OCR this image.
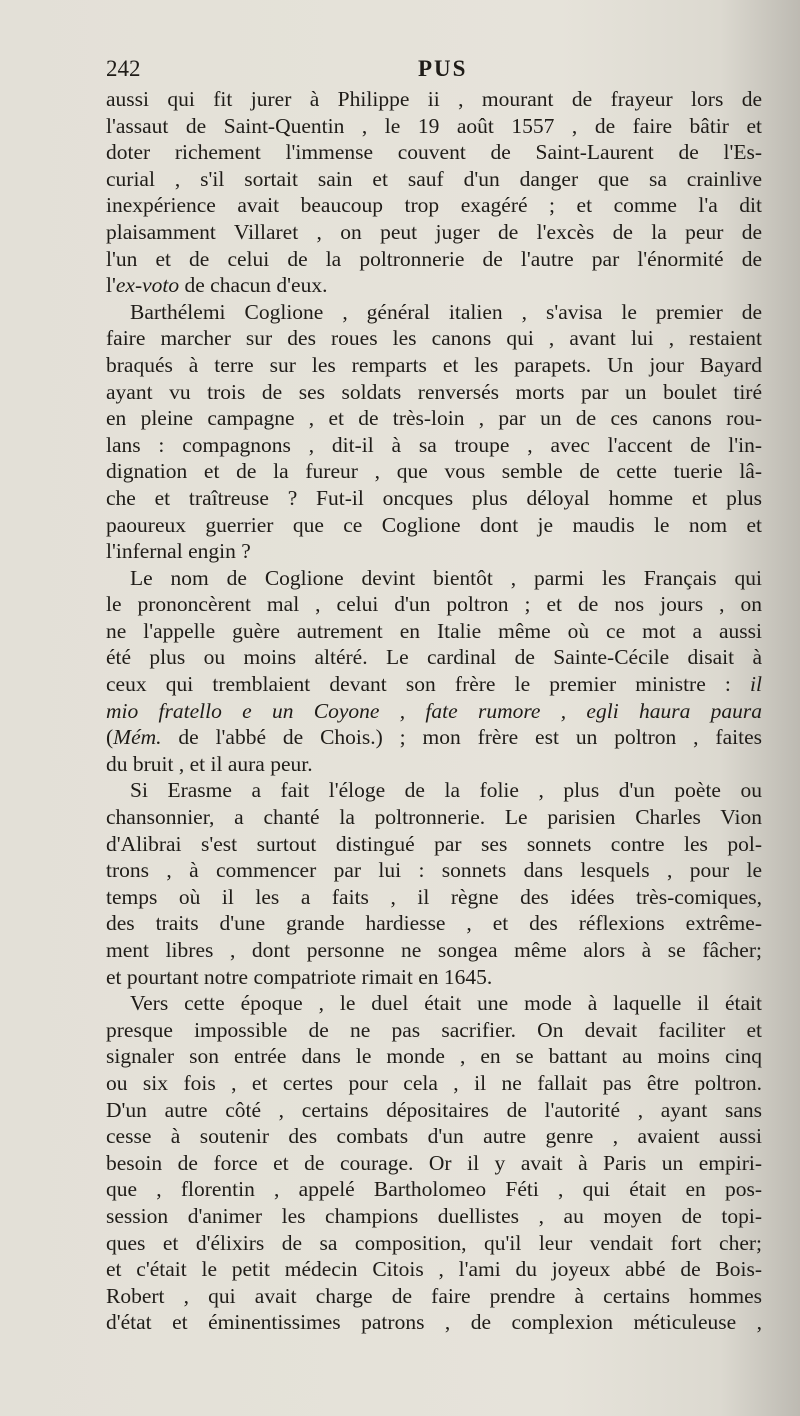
242	PUS
aussi qui fit jurer à Philippe ii , mourant de frayeur lors de
l'assaut de Saint-Quentin , le 19 août 1557 , de faire bâtir et
doter richement l'immense couvent de Saint-Laurent de l'Es-
curial , s'il sortait sain et sauf d'un danger que sa crainlive
inexpérience avait beaucoup trop exagéré ; et comme l'a dit
plaisamment Villaret , on peut juger de l'excès de la peur de
l'un et de celui de la poltronnerie de l'autre par l'énormité de
l'ex-voto de chacun d'eux.
Barthélemi Coglione , général italien , s'avisa le premier de
faire marcher sur des roues les canons qui , avant lui , restaient
braqués à terre sur les remparts et les parapets. Un jour Bayard
ayant vu trois de ses soldats renversés morts par un boulet tiré
en pleine campagne , et de très-loin , par un de ces canons rou-
lans : compagnons , dit-il à sa troupe , avec l'accent de l'in-
dignation et de la fureur , que vous semble de cette tuerie lâ-
che et traîtreuse ? Fut-il oncques plus déloyal homme et plus
paoureux guerrier que ce Coglione dont je maudis le nom et
l'infernal engin ?
Le nom de Coglione devint bientôt , parmi les Français qui
le prononcèrent mal , celui d'un poltron ; et de nos jours , on
ne l'appelle guère autrement en Italie même où ce mot a aussi
été plus ou moins altéré. Le cardinal de Sainte-Cécile disait à
ceux qui tremblaient devant son frère le premier ministre : il
mio fratello e un Coyone , fate rumore , egli haura paura
(Mém. de l'abbé de Chois.) ; mon frère est un poltron , faites
du bruit , et il aura peur.
Si Erasme a fait l'éloge de la folie , plus d'un poète ou
chansonnier, a chanté la poltronnerie. Le parisien Charles Vion
d'Alibrai s'est surtout distingué par ses sonnets contre les pol-
trons , à commencer par lui : sonnets dans lesquels , pour le
temps où il les a faits , il règne des idées très-comiques,
des traits d'une grande hardiesse , et des réflexions extrême-
ment libres , dont personne ne songea même alors à se fâcher;
et pourtant notre compatriote rimait en 1645.
Vers cette époque , le duel était une mode à laquelle il était
presque impossible de ne pas sacrifier. On devait faciliter et
signaler son entrée dans le monde , en se battant au moins cinq
ou six fois , et certes pour cela , il ne fallait pas être poltron.
D'un autre côté , certains dépositaires de l'autorité , ayant sans
cesse à soutenir des combats d'un autre genre , avaient aussi
besoin de force et de courage. Or il y avait à Paris un empiri-
que , florentin , appelé Bartholomeo Féti , qui était en pos-
session d'animer les champions duellistes , au moyen de topi-
ques et d'élixirs de sa composition, qu'il leur vendait fort cher;
et c'était le petit médecin Citois , l'ami du joyeux abbé de Bois-
Robert , qui avait charge de faire prendre à certains hommes
d'état et éminentissimes patrons , de complexion méticuleuse ,
